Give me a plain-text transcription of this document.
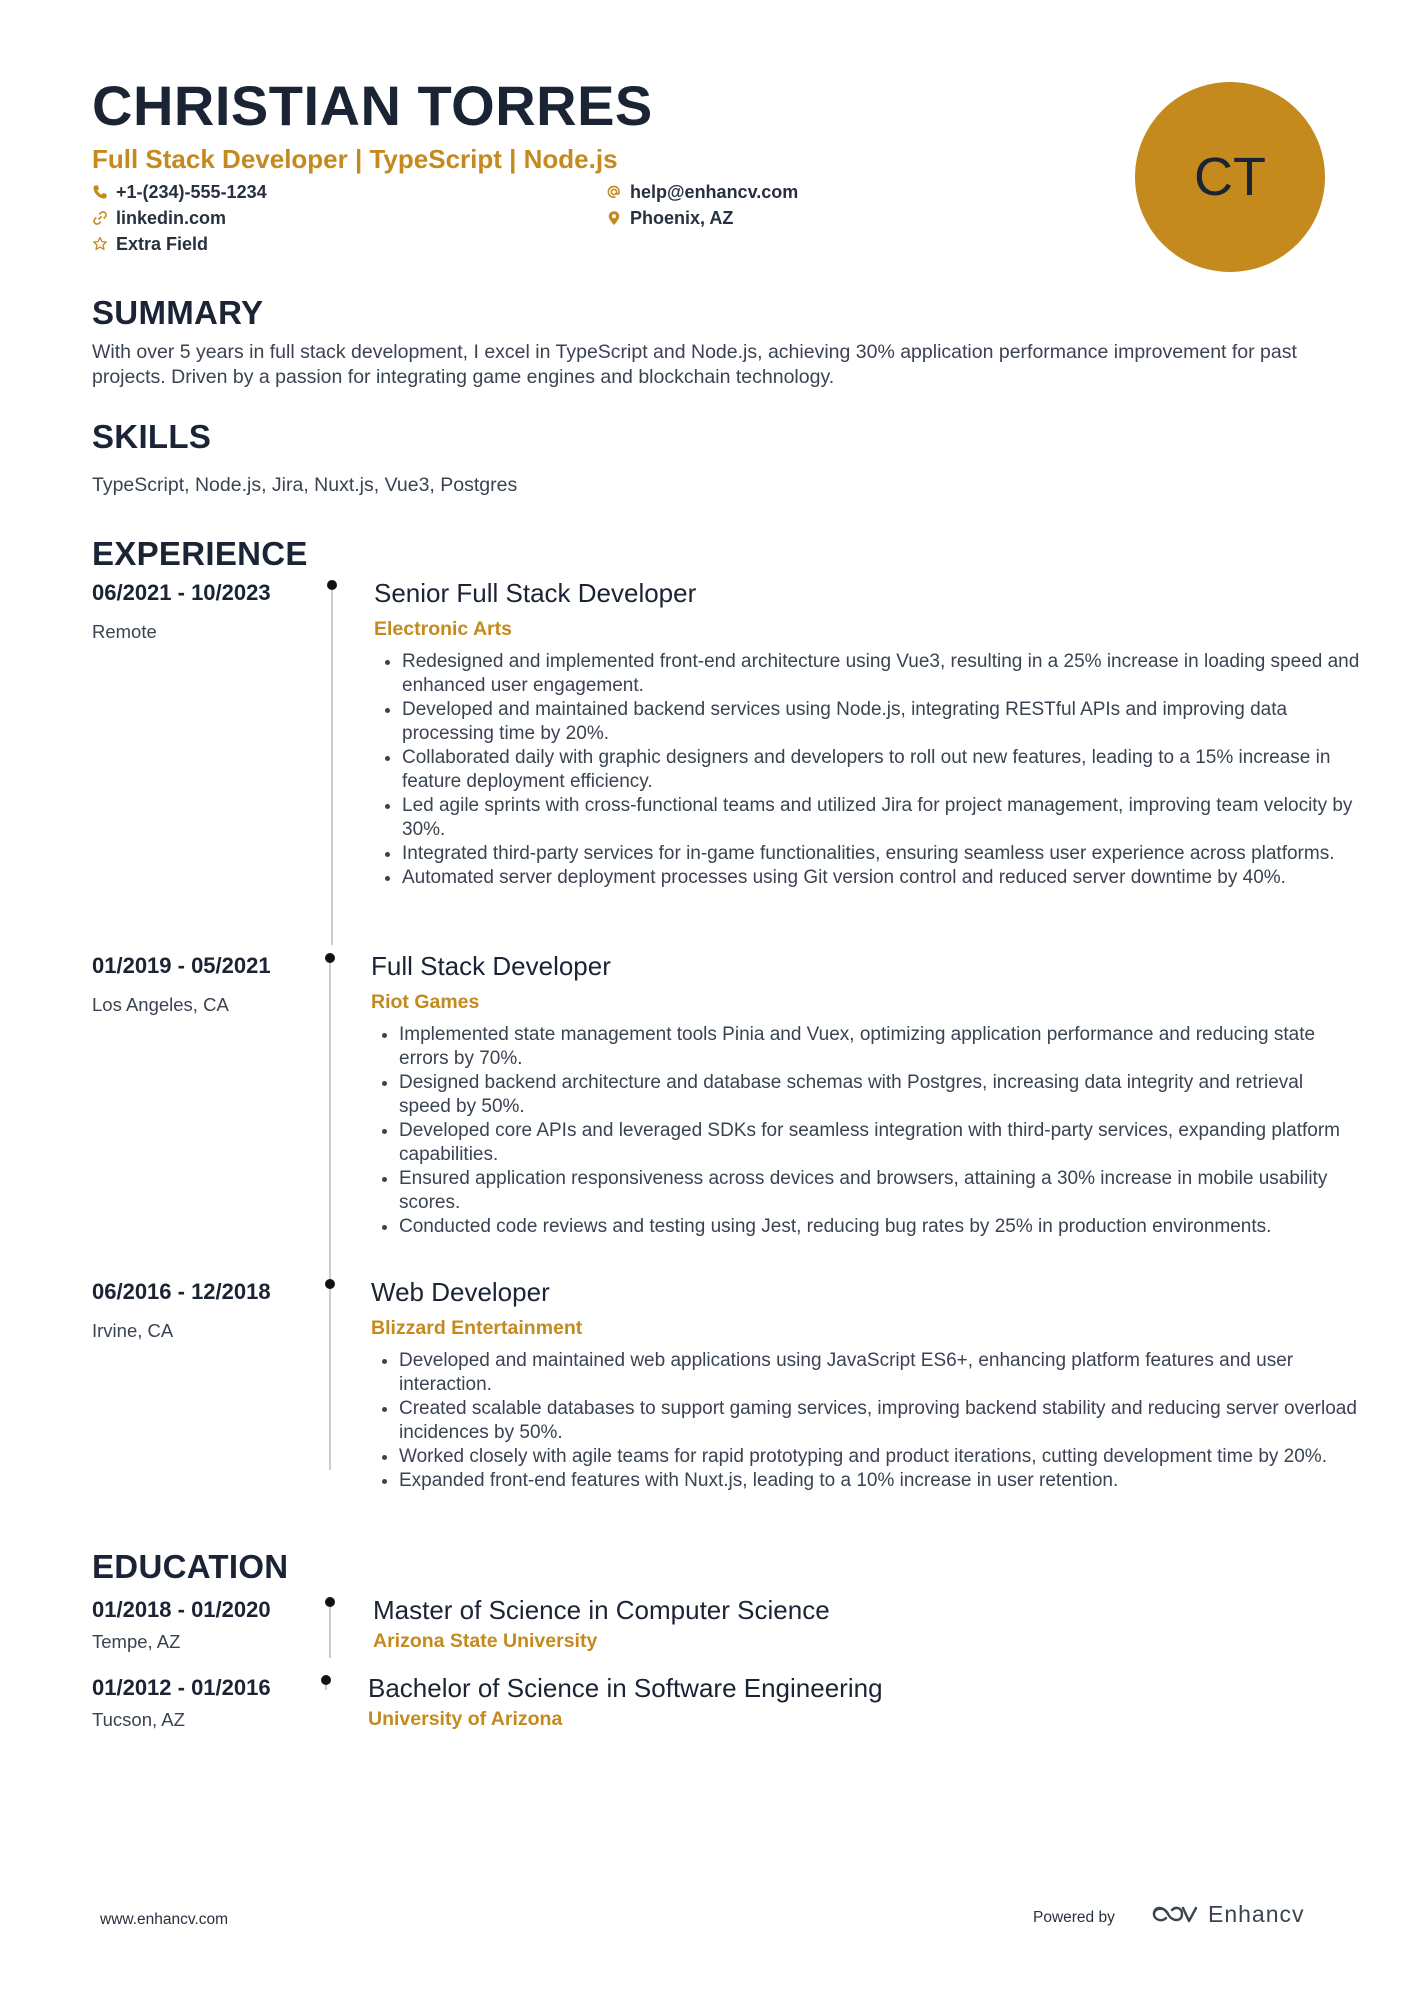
CHRISTIAN TORRES
Full Stack Developer | TypeScript | Node.js
+1-(234)-555-1234	help@enhancv.com
linkedin.com	Phoenix, AZ
Extra Field
CT
SUMMARY
With over 5 years in full stack development, I excel in TypeScript and Node.js, achieving 30% application performance improvement for past projects. Driven by a passion for integrating game engines and blockchain technology.
SKILLS
TypeScript, Node.js, Jira, Nuxt.js, Vue3, Postgres
EXPERIENCE
06/2021 - 10/2023
Remote
Senior Full Stack Developer
Electronic Arts
• Redesigned and implemented front-end architecture using Vue3, resulting in a 25% increase in loading speed and enhanced user engagement.
• Developed and maintained backend services using Node.js, integrating RESTful APIs and improving data processing time by 20%.
• Collaborated daily with graphic designers and developers to roll out new features, leading to a 15% increase in feature deployment efficiency.
• Led agile sprints with cross-functional teams and utilized Jira for project management, improving team velocity by 30%.
• Integrated third-party services for in-game functionalities, ensuring seamless user experience across platforms.
• Automated server deployment processes using Git version control and reduced server downtime by 40%.
01/2019 - 05/2021
Los Angeles, CA
Full Stack Developer
Riot Games
• Implemented state management tools Pinia and Vuex, optimizing application performance and reducing state errors by 70%.
• Designed backend architecture and database schemas with Postgres, increasing data integrity and retrieval speed by 50%.
• Developed core APIs and leveraged SDKs for seamless integration with third-party services, expanding platform capabilities.
• Ensured application responsiveness across devices and browsers, attaining a 30% increase in mobile usability scores.
• Conducted code reviews and testing using Jest, reducing bug rates by 25% in production environments.
06/2016 - 12/2018
Irvine, CA
Web Developer
Blizzard Entertainment
• Developed and maintained web applications using JavaScript ES6+, enhancing platform features and user interaction.
• Created scalable databases to support gaming services, improving backend stability and reducing server overload incidences by 50%.
• Worked closely with agile teams for rapid prototyping and product iterations, cutting development time by 20%.
• Expanded front-end features with Nuxt.js, leading to a 10% increase in user retention.
EDUCATION
01/2018 - 01/2020
Tempe, AZ
Master of Science in Computer Science
Arizona State University
01/2012 - 01/2016
Tucson, AZ
Bachelor of Science in Software Engineering
University of Arizona
www.enhancv.com	Powered by	Enhancv
